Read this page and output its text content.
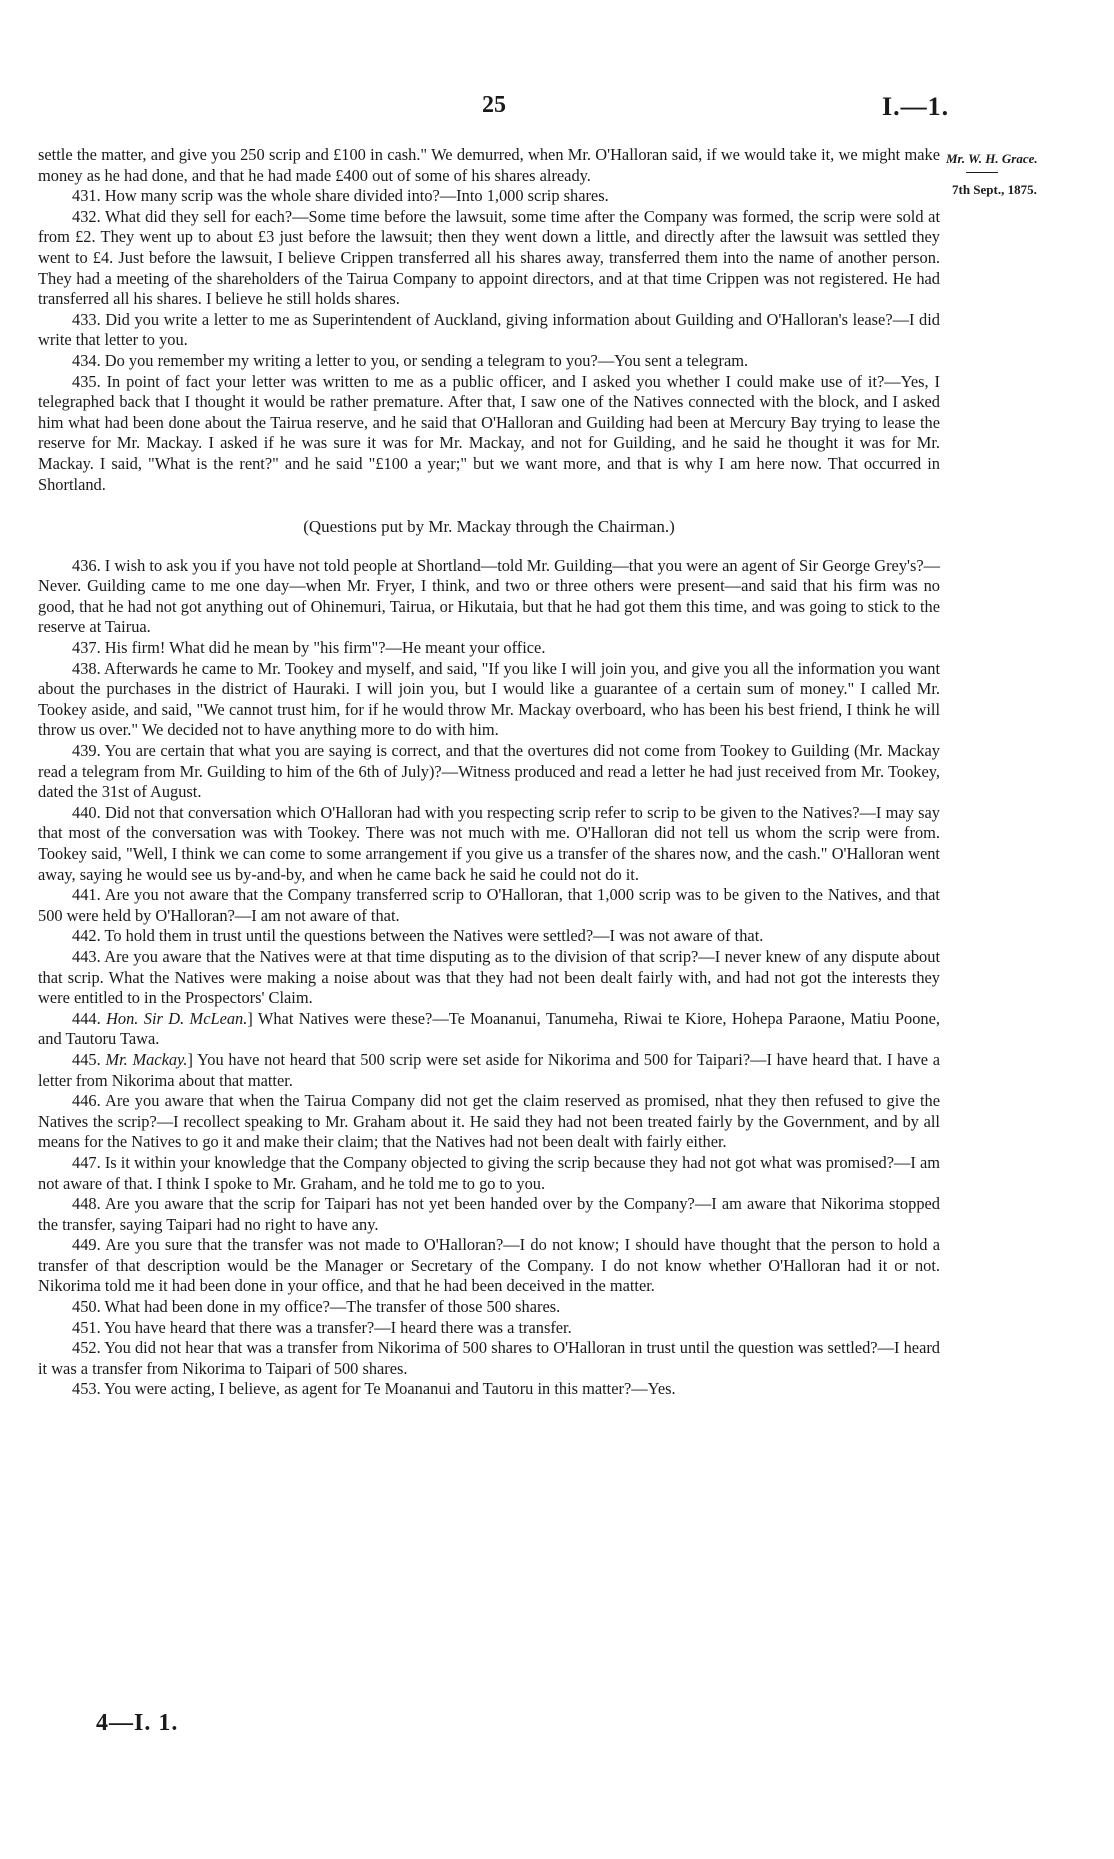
25	I.—1.
Mr. W. H. Grace.
7th Sept., 1875.

settle the matter, and give you 250 scrip and £100 in cash." We demurred, when Mr. O'Halloran said, if we would take it, we might make money as he had done, and that he had made £400 out of some of his shares already.

431. How many scrip was the whole share divided into?—Into 1,000 scrip shares.

432. What did they sell for each?—Some time before the lawsuit, some time after the Company was formed, the scrip were sold at from £2. They went up to about £3 just before the lawsuit; then they went down a little, and directly after the lawsuit was settled they went to £4. Just before the lawsuit, I believe Crippen transferred all his shares away, transferred them into the name of another person. They had a meeting of the shareholders of the Tairua Company to appoint directors, and at that time Crippen was not registered. He had transferred all his shares. I believe he still holds shares.

433. Did you write a letter to me as Superintendent of Auckland, giving information about Guilding and O'Halloran's lease?—I did write that letter to you.

434. Do you remember my writing a letter to you, or sending a telegram to you?—You sent a telegram.

435. In point of fact your letter was written to me as a public officer, and I asked you whether I could make use of it?—Yes, I telegraphed back that I thought it would be rather premature. After that, I saw one of the Natives connected with the block, and I asked him what had been done about the Tairua reserve, and he said that O'Halloran and Guilding had been at Mercury Bay trying to lease the reserve for Mr. Mackay. I asked if he was sure it was for Mr. Mackay, and not for Guilding, and he said he thought it was for Mr. Mackay. I said, "What is the rent?" and he said "£100 a year;" but we want more, and that is why I am here now. That occurred in Shortland.

(Questions put by Mr. Mackay through the Chairman.)

436. I wish to ask you if you have not told people at Shortland—told Mr. Guilding—that you were an agent of Sir George Grey's?—Never. Guilding came to me one day—when Mr. Fryer, I think, and two or three others were present—and said that his firm was no good, that he had not got anything out of Ohinemuri, Tairua, or Hikutaia, but that he had got them this time, and was going to stick to the reserve at Tairua.

437. His firm! What did he mean by "his firm"?—He meant your office.

438. Afterwards he came to Mr. Tookey and myself, and said, "If you like I will join you, and give you all the information you want about the purchases in the district of Hauraki. I will join you, but I would like a guarantee of a certain sum of money." I called Mr. Tookey aside, and said, "We cannot trust him, for if he would throw Mr. Mackay overboard, who has been his best friend, I think he will throw us over." We decided not to have anything more to do with him.

439. You are certain that what you are saying is correct, and that the overtures did not come from Tookey to Guilding (Mr. Mackay read a telegram from Mr. Guilding to him of the 6th of July)?—Witness produced and read a letter he had just received from Mr. Tookey, dated the 31st of August.

440. Did not that conversation which O'Halloran had with you respecting scrip refer to scrip to be given to the Natives?—I may say that most of the conversation was with Tookey. There was not much with me. O'Halloran did not tell us whom the scrip were from. Tookey said, "Well, I think we can come to some arrangement if you give us a transfer of the shares now, and the cash." O'Halloran went away, saying he would see us by-and-by, and when he came back he said he could not do it.

441. Are you not aware that the Company transferred scrip to O'Halloran, that 1,000 scrip was to be given to the Natives, and that 500 were held by O'Halloran?—I am not aware of that.

442. To hold them in trust until the questions between the Natives were settled?—I was not aware of that.

443. Are you aware that the Natives were at that time disputing as to the division of that scrip?—I never knew of any dispute about that scrip. What the Natives were making a noise about was that they had not been dealt fairly with, and had not got the interests they were entitled to in the Prospectors' Claim.

444. Hon. Sir D. McLean.] What Natives were these?—Te Moananui, Tanumeha, Riwai te Kiore, Hohepa Paraone, Matiu Poone, and Tautoru Tawa.

445. Mr. Mackay.] You have not heard that 500 scrip were set aside for Nikorima and 500 for Taipari?—I have heard that. I have a letter from Nikorima about that matter.

446. Are you aware that when the Tairua Company did not get the claim reserved as promised, nhat they then refused to give the Natives the scrip?—I recollect speaking to Mr. Graham about it. He said they had not been treated fairly by the Government, and by all means for the Natives to go it and make their claim; that the Natives had not been dealt with fairly either.

447. Is it within your knowledge that the Company objected to giving the scrip because they had not got what was promised?—I am not aware of that. I think I spoke to Mr. Graham, and he told me to go to you.

448. Are you aware that the scrip for Taipari has not yet been handed over by the Company?—I am aware that Nikorima stopped the transfer, saying Taipari had no right to have any.

449. Are you sure that the transfer was not made to O'Halloran?—I do not know; I should have thought that the person to hold a transfer of that description would be the Manager or Secretary of the Company. I do not know whether O'Halloran had it or not. Nikorima told me it had been done in your office, and that he had been deceived in the matter.

450. What had been done in my office?—The transfer of those 500 shares.

451. You have heard that there was a transfer?—I heard there was a transfer.

452. You did not hear that was a transfer from Nikorima of 500 shares to O'Halloran in trust until the question was settled?—I heard it was a transfer from Nikorima to Taipari of 500 shares.

453. You were acting, I believe, as agent for Te Moananui and Tautoru in this matter?—Yes.

4—I. 1.
